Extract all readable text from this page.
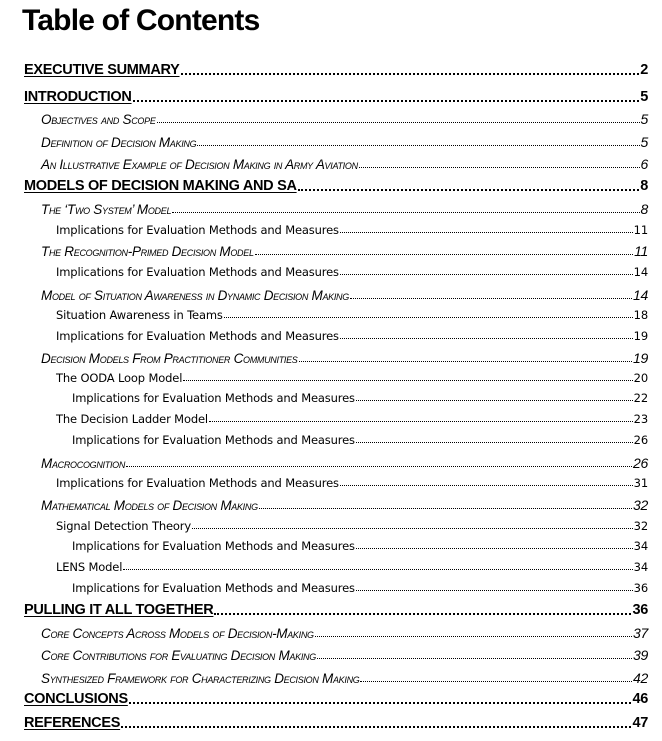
Table of Contents
EXECUTIVE SUMMARY	2
INTRODUCTION	5
Objectives and Scope	5
Definition of Decision Making	5
An Illustrative Example of Decision Making in Army Aviation	6
MODELS OF DECISION MAKING AND SA	8
The ‘Two System’ Model	8
Implications for Evaluation Methods and Measures	11
The Recognition-Primed Decision Model	11
Implications for Evaluation Methods and Measures	14
Model of Situation Awareness in Dynamic Decision Making	14
Situation Awareness in Teams	18
Implications for Evaluation Methods and Measures	19
Decision Models From Practitioner Communities	19
The OODA Loop Model	20
Implications for Evaluation Methods and Measures	22
The Decision Ladder Model	23
Implications for Evaluation Methods and Measures	26
Macrocognition	26
Implications for Evaluation Methods and Measures	31
Mathematical Models of Decision Making	32
Signal Detection Theory	32
Implications for Evaluation Methods and Measures	34
LENS Model	34
Implications for Evaluation Methods and Measures	36
PULLING IT ALL TOGETHER	36
Core Concepts Across Models of Decision-Making	37
Core Contributions for Evaluating Decision Making	39
Synthesized Framework for Characterizing Decision Making	42
CONCLUSIONS	46
REFERENCES	47
